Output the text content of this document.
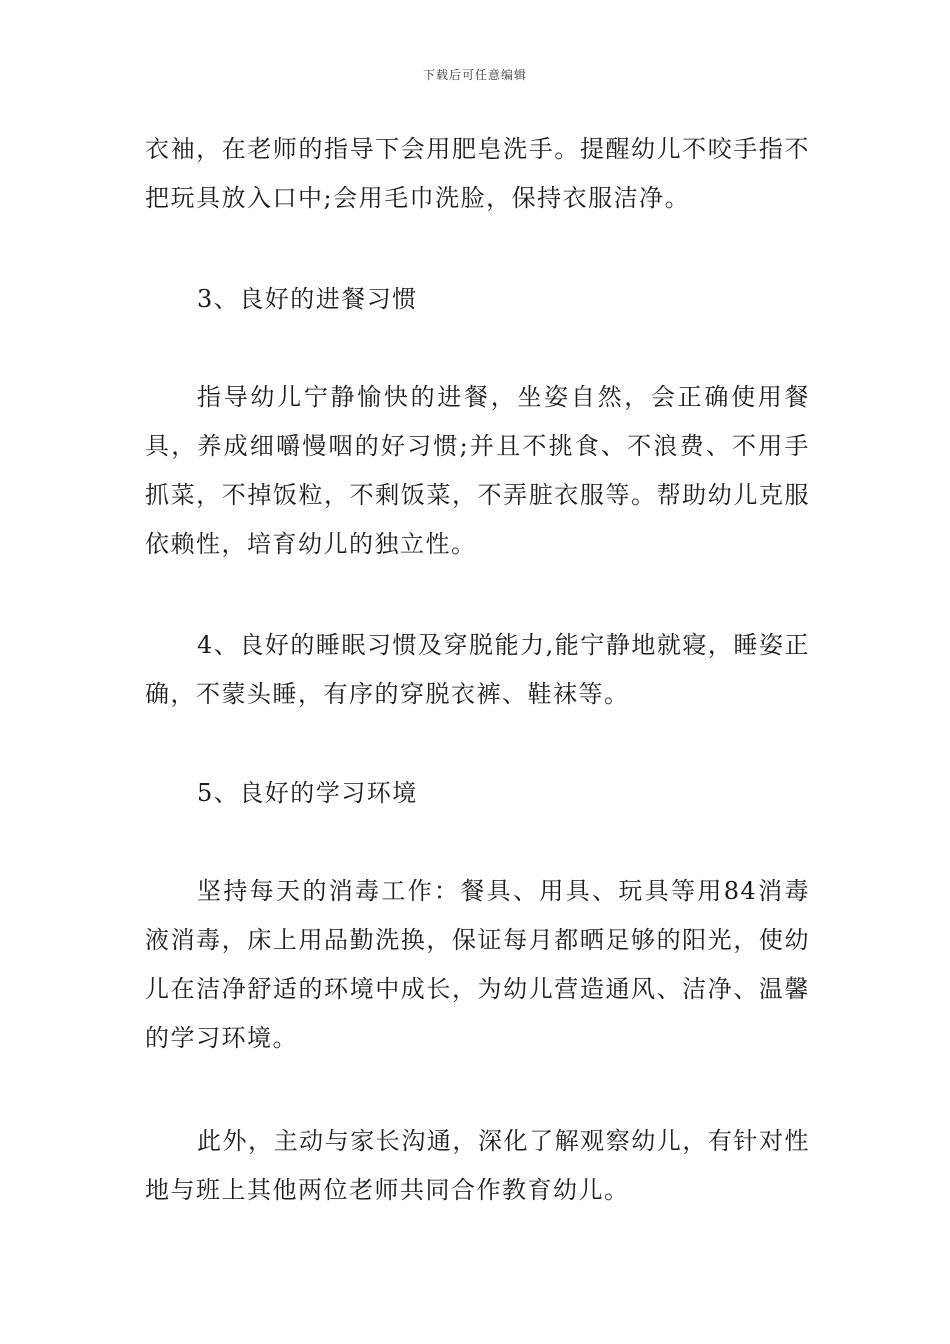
下载后可任意编辑

衣袖，在老师的指导下会用肥皂洗手。提醒幼儿不咬手指不把玩具放入口中;会用毛巾洗脸，保持衣服洁净。

3、良好的进餐习惯

指导幼儿宁静愉快的进餐，坐姿自然，会正确使用餐具，养成细嚼慢咽的好习惯;并且不挑食、不浪费、不用手抓菜，不掉饭粒，不剩饭菜，不弄脏衣服等。帮助幼儿克服依赖性，培育幼儿的独立性。

4、良好的睡眠习惯及穿脱能力,能宁静地就寝，睡姿正确，不蒙头睡，有序的穿脱衣裤、鞋袜等。

5、良好的学习环境

坚持每天的消毒工作：餐具、用具、玩具等用84消毒液消毒，床上用品勤洗换，保证每月都晒足够的阳光，使幼儿在洁净舒适的环境中成长，为幼儿营造通风、洁净、温馨的学习环境。

此外，主动与家长沟通，深化了解观察幼儿，有针对性地与班上其他两位老师共同合作教育幼儿。
